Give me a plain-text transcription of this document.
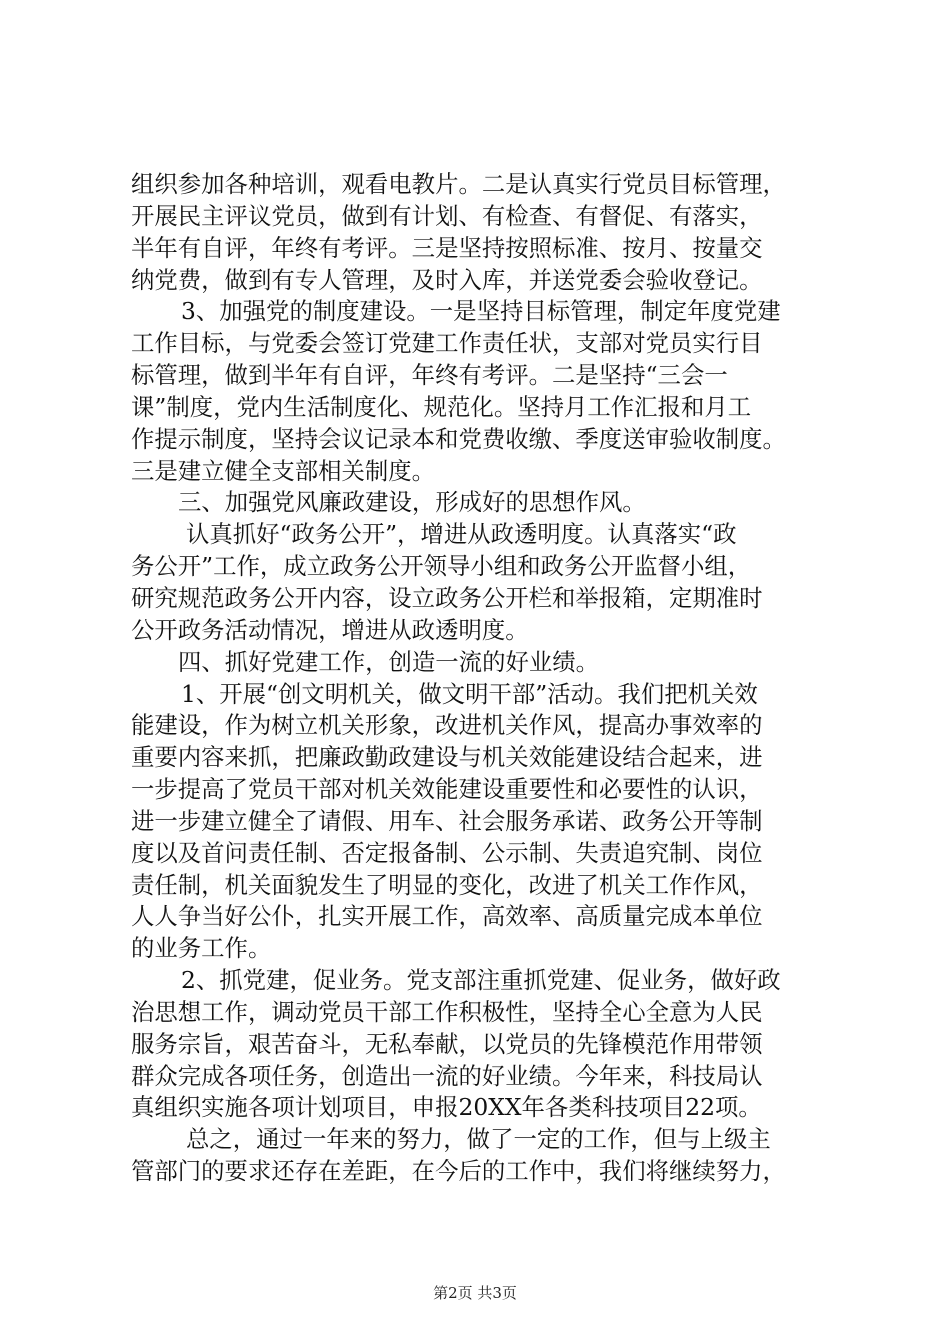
组织参加各种培训，观看电教片。二是认真实行党员目标管理，
开展民主评议党员，做到有计划、有检查、有督促、有落实，
半年有自评，年终有考评。三是坚持按照标准、按月、按量交
纳党费，做到有专人管理，及时入库，并送党委会验收登记。
3、加强党的制度建设。一是坚持目标管理，制定年度党建
工作目标，与党委会签订党建工作责任状，支部对党员实行目
标管理，做到半年有自评，年终有考评。二是坚持“三会一
课”制度，党内生活制度化、规范化。坚持月工作汇报和月工
作提示制度，坚持会议记录本和党费收缴、季度送审验收制度。
三是建立健全支部相关制度。
三、加强党风廉政建设，形成好的思想作风。
认真抓好“政务公开”，增进从政透明度。认真落实“政
务公开”工作，成立政务公开领导小组和政务公开监督小组，
研究规范政务公开内容，设立政务公开栏和举报箱，定期准时
公开政务活动情况，增进从政透明度。
四、抓好党建工作，创造一流的好业绩。
1、开展“创文明机关，做文明干部”活动。我们把机关效
能建设，作为树立机关形象，改进机关作风，提高办事效率的
重要内容来抓，把廉政勤政建设与机关效能建设结合起来，进
一步提高了党员干部对机关效能建设重要性和必要性的认识，
进一步建立健全了请假、用车、社会服务承诺、政务公开等制
度以及首问责任制、否定报备制、公示制、失责追究制、岗位
责任制，机关面貌发生了明显的变化，改进了机关工作作风，
人人争当好公仆，扎实开展工作，高效率、高质量完成本单位
的业务工作。
2、抓党建，促业务。党支部注重抓党建、促业务，做好政
治思想工作，调动党员干部工作积极性，坚持全心全意为人民
服务宗旨，艰苦奋斗，无私奉献，以党员的先锋模范作用带领
群众完成各项任务，创造出一流的好业绩。今年来，科技局认
真组织实施各项计划项目，申报20XX年各类科技项目22项。
总之，通过一年来的努力，做了一定的工作，但与上级主
管部门的要求还存在差距，在今后的工作中，我们将继续努力，
第2页 共3页
